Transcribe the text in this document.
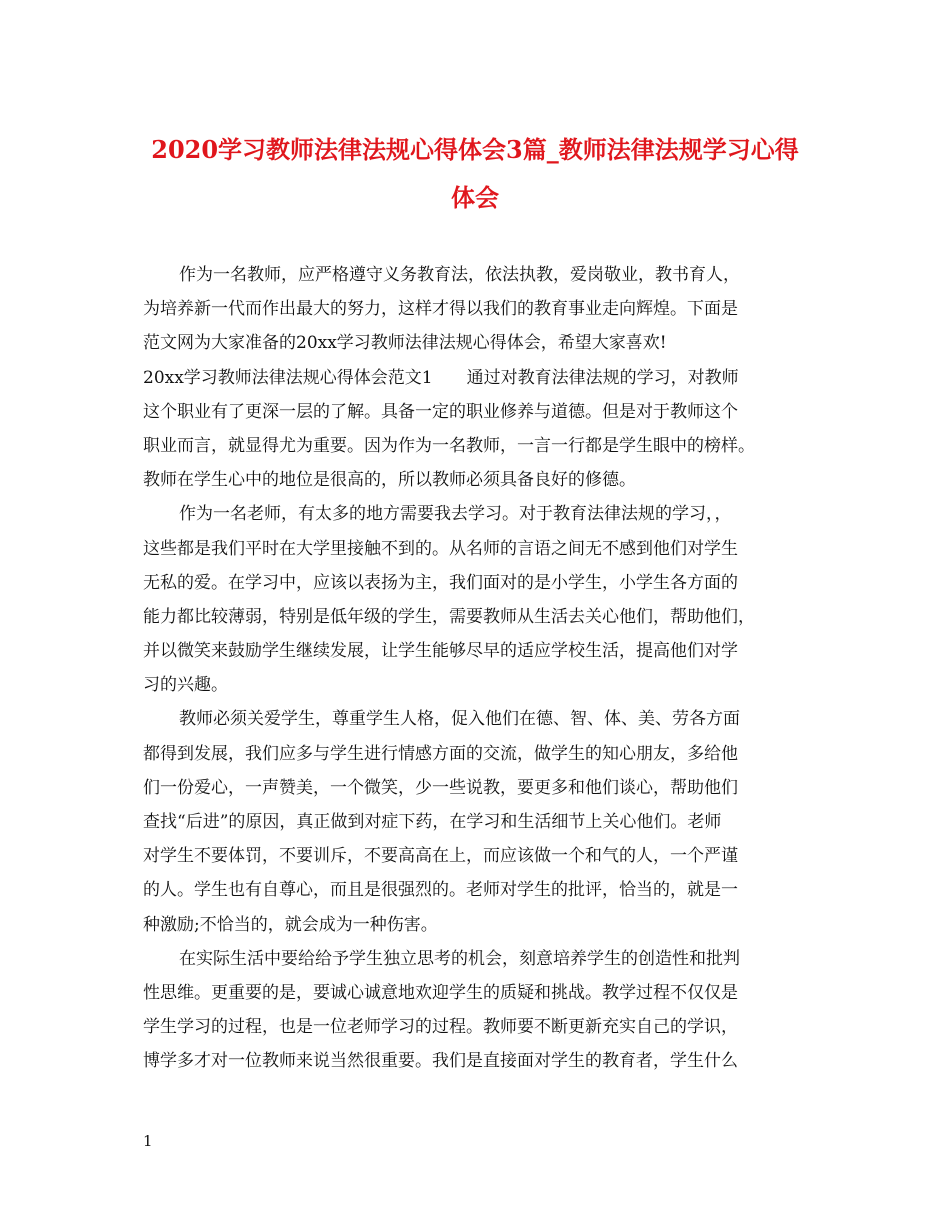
2020学习教师法律法规心得体会3篇_教师法律法规学习心得
体会
作为一名教师，应严格遵守义务教育法，依法执教，爱岗敬业，教书育人，
为培养新一代而作出最大的努力，这样才得以我们的教育事业走向辉煌。下面是
范文网为大家准备的20xx学习教师法律法规心得体会，希望大家喜欢!
20xx学习教师法律法规心得体会范文1　　通过对教育法律法规的学习，对教师
这个职业有了更深一层的了解。具备一定的职业修养与道德。但是对于教师这个
职业而言，就显得尤为重要。因为作为一名教师，一言一行都是学生眼中的榜样。
教师在学生心中的地位是很高的，所以教师必须具备良好的修德。
作为一名老师，有太多的地方需要我去学习。对于教育法律法规的学习，，
这些都是我们平时在大学里接触不到的。从名师的言语之间无不感到他们对学生
无私的爱。在学习中，应该以表扬为主，我们面对的是小学生，小学生各方面的
能力都比较薄弱，特别是低年级的学生，需要教师从生活去关心他们，帮助他们，
并以微笑来鼓励学生继续发展，让学生能够尽早的适应学校生活，提高他们对学
习的兴趣。
教师必须关爱学生，尊重学生人格，促入他们在德、智、体、美、劳各方面
都得到发展，我们应多与学生进行情感方面的交流，做学生的知心朋友，多给他
们一份爱心，一声赞美，一个微笑，少一些说教，要更多和他们谈心，帮助他们
查找“后进”的原因，真正做到对症下药，在学习和生活细节上关心他们。老师
对学生不要体罚，不要训斥，不要高高在上，而应该做一个和气的人，一个严谨
的人。学生也有自尊心，而且是很强烈的。老师对学生的批评，恰当的，就是一
种激励;不恰当的，就会成为一种伤害。
在实际生活中要给给予学生独立思考的机会，刻意培养学生的创造性和批判
性思维。更重要的是，要诚心诚意地欢迎学生的质疑和挑战。教学过程不仅仅是
学生学习的过程，也是一位老师学习的过程。教师要不断更新充实自己的学识，
博学多才对一位教师来说当然很重要。我们是直接面对学生的教育者，学生什么
1
